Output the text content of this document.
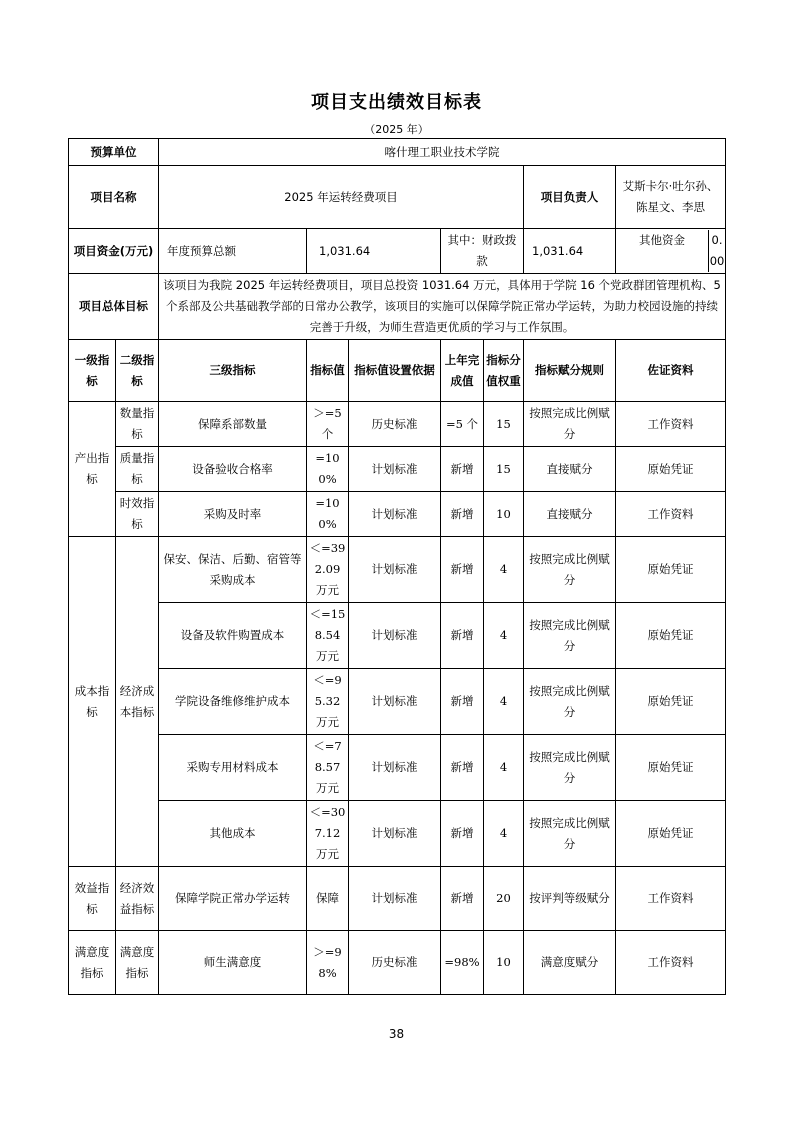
项目支出绩效目标表
（2025 年）
预算单位		喀什理工职业技术学院						
项目名称		2025 年运转经费项目					项目负责人	艾斯卡尔·吐尔孙、陈星文、李思
项目资金(万元)		年度预算总额	1,031.64		其中：财政拨款		1,031.64	其他资金 0.00

项目总体目标		该项目为我院 2025 年运转经费项目，项目总投资 1031.64 万元，具体用于学院 16 个党政群团管理机构、5 个系部及公共基础教学部的日常办公教学，该项目的实施可以保障学院正常办学运转，为助力校园设施的持续完善于升级，为师生营造更优质的学习与工作氛围。						
一级指标	二级指标	三级指标	指标值	指标值设置依据	上年完成值	指标分值权重	指标赋分规则	佐证资料
产出指标	数量指标	保障系部数量	＞=5 个	历史标准	=5 个	15	按照完成比例赋分	工作资料
	质量指标	设备验收合格率	=100%	计划标准	新增	15	直接赋分	原始凭证
	时效指标	采购及时率	=100%	计划标准	新增	10	直接赋分	工作资料
成本指标	经济成本指标	保安、保洁、后勤、宿管等采购成本	＜=392.09 万元	计划标准	新增	4	按照完成比例赋分	原始凭证
		设备及软件购置成本	＜=158.54 万元	计划标准	新增	4	按照完成比例赋分	原始凭证
		学院设备维修维护成本	＜=95.32 万元	计划标准	新增	4	按照完成比例赋分	原始凭证
		采购专用材料成本	＜=78.57 万元	计划标准	新增	4	按照完成比例赋分	原始凭证
		其他成本	＜=307.12 万元	计划标准	新增	4	按照完成比例赋分	原始凭证
效益指标	经济效益指标	保障学院正常办学运转	保障	计划标准	新增	20	按评判等级赋分	工作资料
满意度指标	满意度指标	师生满意度	＞=98%	历史标准	=98%	10	满意度赋分	工作资料
38
